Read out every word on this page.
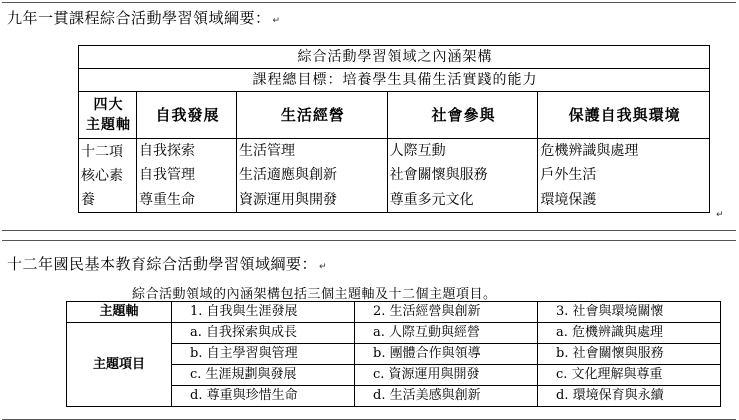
九年一貫課程綜合活動學習領域綱要： ↵
綜合活動學習領域之內涵架構				
課程總目標：培養學生具備生活實踐的能力				
四大
主題軸	自我發展	生活經營	社會參與	保護自我與環境
十二項
核心素
養	自我探索	生活管理	人際互動	危機辨識與處理
	自我管理	生活適應與創新	社會關懷與服務	戶外生活
	尊重生命	資源運用與開發	尊重多元文化	環境保護
↵
十二年國民基本教育綜合活動學習領域綱要： ↵
綜合活動領域的內涵架構包括三個主題軸及十二個主題項目。
主題軸	1. 自我與生涯發展	2. 生活經營與創新	3. 社會與環境關懷
主題項目	a. 自我探索與成長	a. 人際互動與經營	a. 危機辨識與處理
	b. 自主學習與管理	b. 團體合作與領導	b. 社會關懷與服務
	c. 生涯規劃與發展	c. 資源運用與開發	c. 文化理解與尊重
	d. 尊重與珍惜生命	d. 生活美感與創新	d. 環境保育與永續
